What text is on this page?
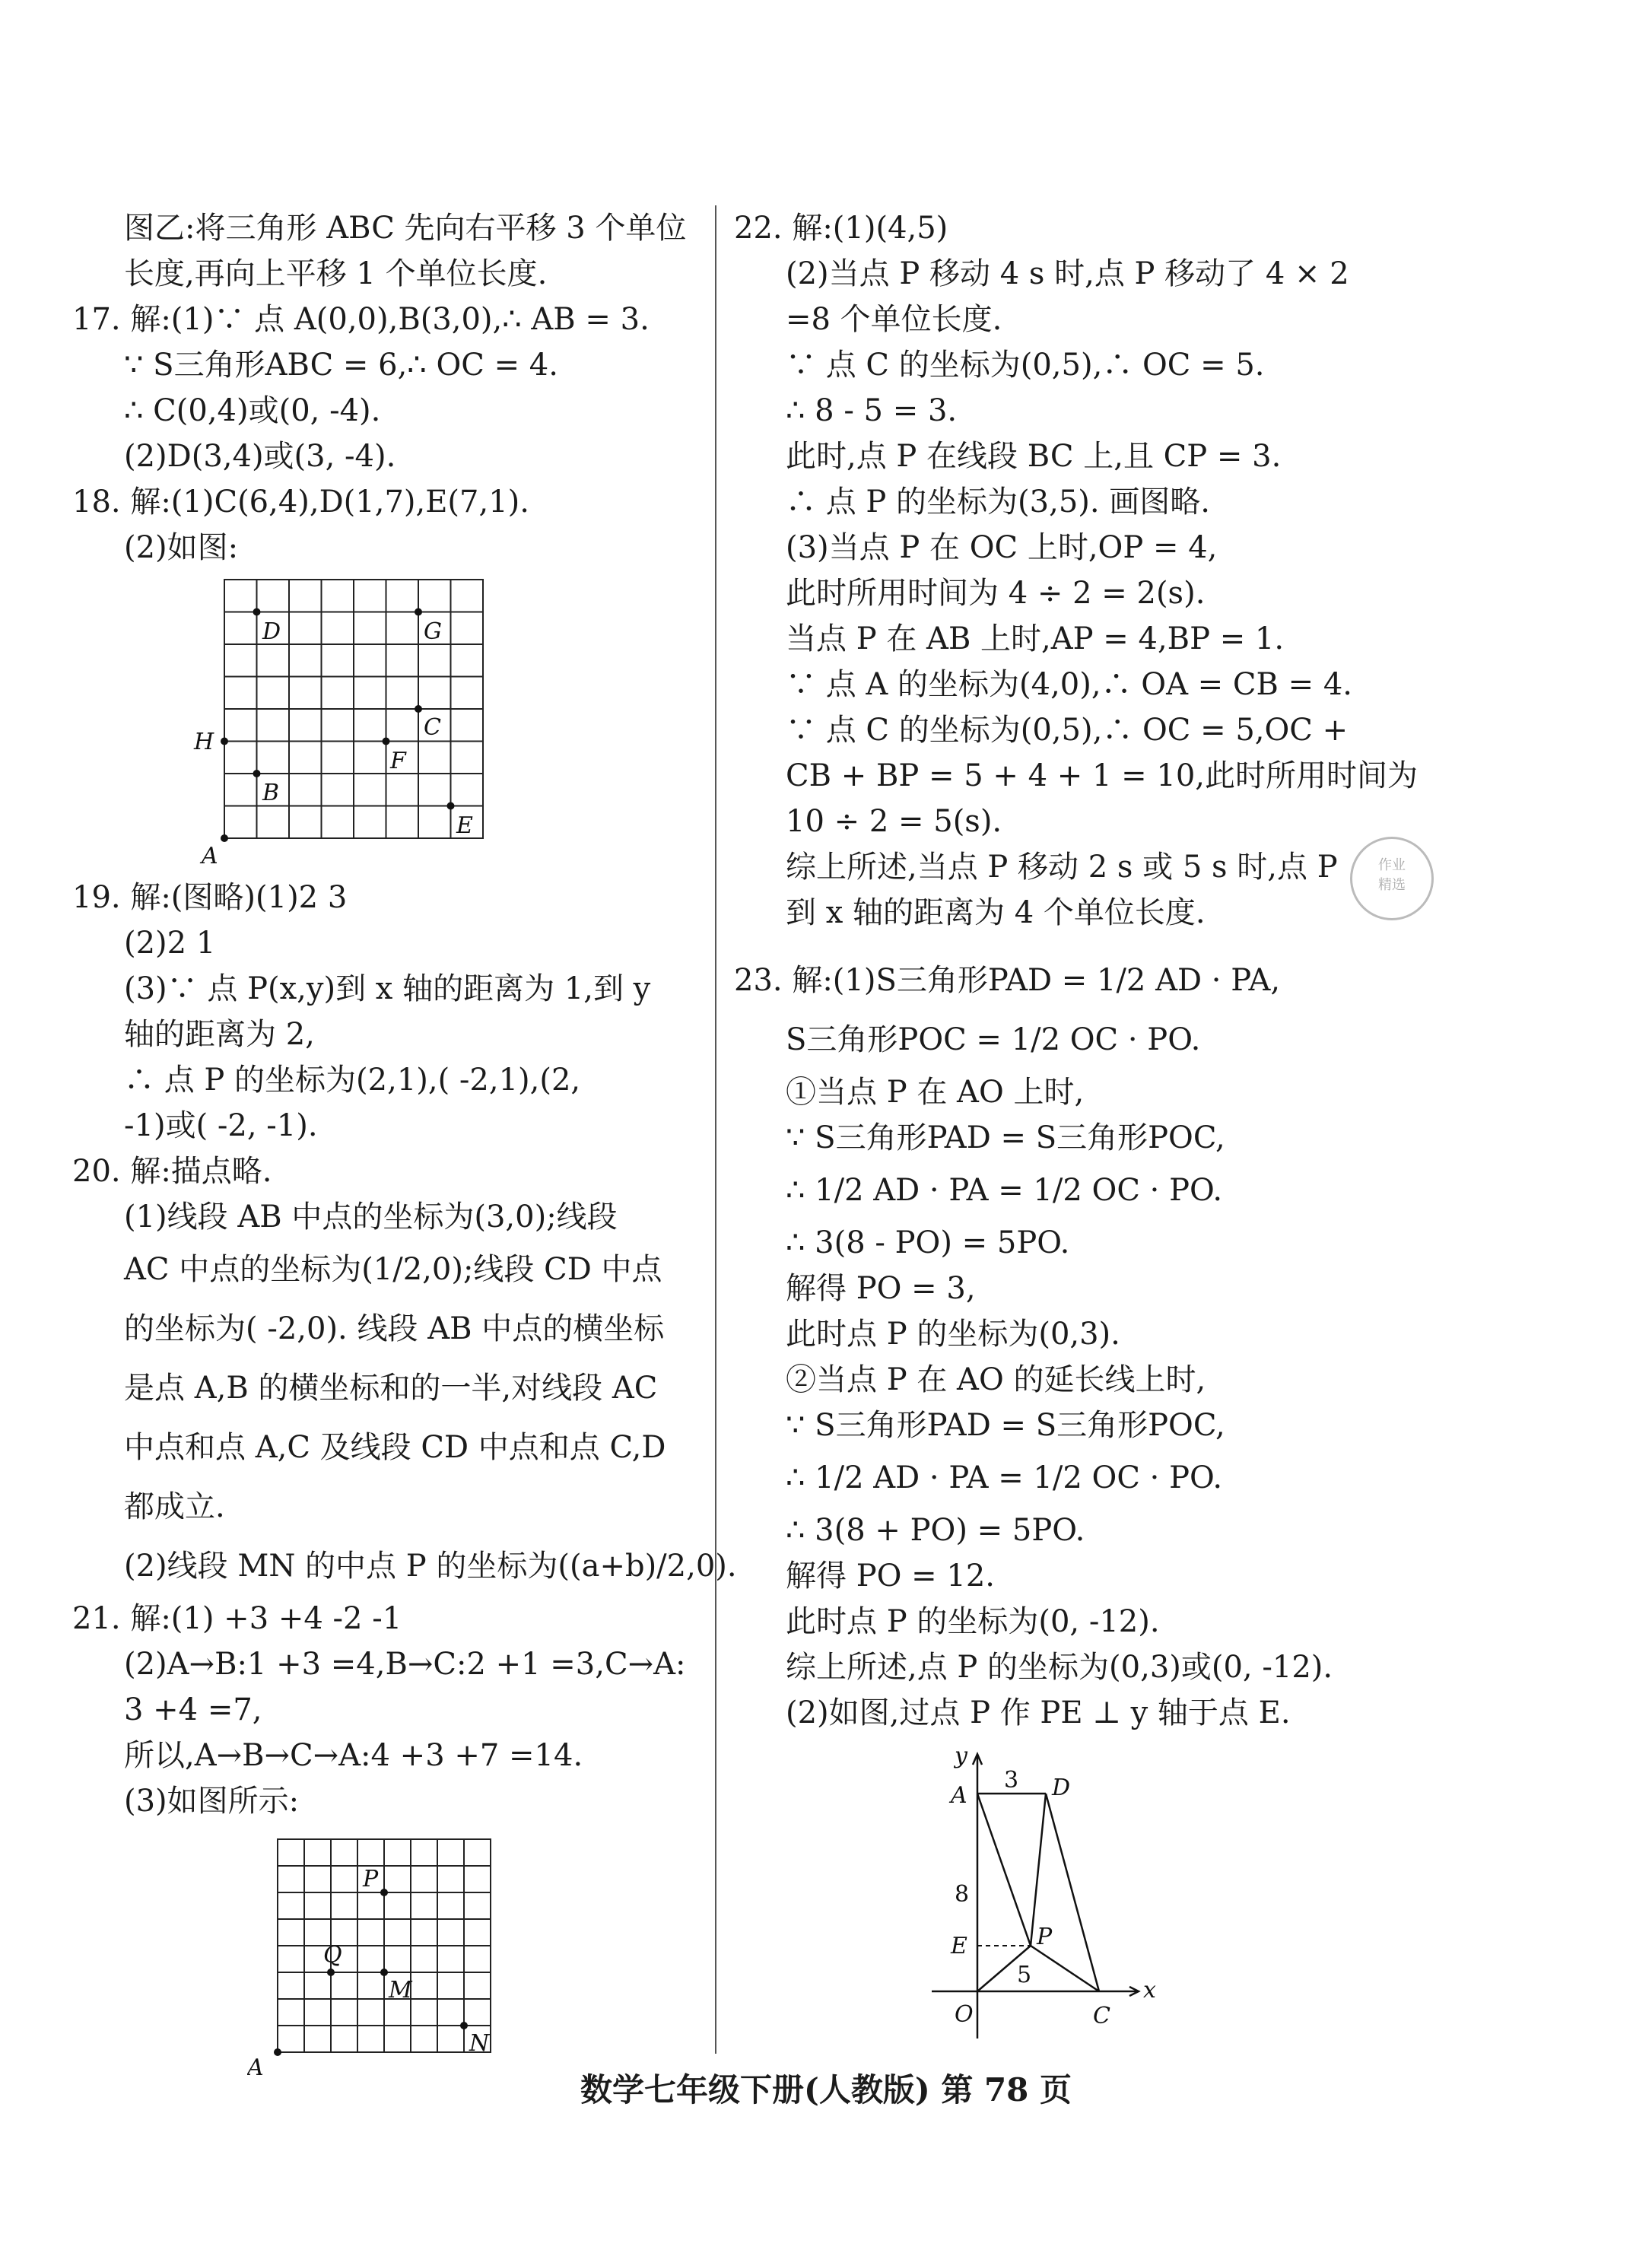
图乙:将三角形 ABC 先向右平移 3 个单位
长度,再向上平移 1 个单位长度.
17. 解:(1)∵ 点 A(0,0),B(3,0),∴ AB = 3.
∵ S三角形ABC = 6,∴ OC = 4.
∴ C(0,4)或(0, -4).
(2)D(3,4)或(3, -4).
18. 解:(1)C(6,4),D(1,7),E(7,1).
(2)如图:
D	G
C
F
H
B
E
A
19. 解:(图略)(1)2 3
(2)2 1
(3)∵ 点 P(x,y)到 x 轴的距离为 1,到 y
轴的距离为 2,
∴ 点 P 的坐标为(2,1),( -2,1),(2,
-1)或( -2, -1).
20. 解:描点略.
(1)线段 AB 中点的坐标为(3,0);线段
AC 中点的坐标为(1/2,0);线段 CD 中点
的坐标为( -2,0). 线段 AB 中点的横坐标
是点 A,B 的横坐标和的一半,对线段 AC
中点和点 A,C 及线段 CD 中点和点 C,D
都成立.
(2)线段 MN 的中点 P 的坐标为((a+b)/2,0).
21. 解:(1) +3 +4 -2 -1
(2)A→B:1 +3 =4,B→C:2 +1 =3,C→A:
3 +4 =7,
所以,A→B→C→A:4 +3 +7 =14.
(3)如图所示:
P
Q
M
N
A
22. 解:(1)(4,5)
(2)当点 P 移动 4 s 时,点 P 移动了 4 × 2
=8 个单位长度.
∵ 点 C 的坐标为(0,5),∴ OC = 5.
∴ 8 - 5 = 3.
此时,点 P 在线段 BC 上,且 CP = 3.
∴ 点 P 的坐标为(3,5). 画图略.
(3)当点 P 在 OC 上时,OP = 4,
此时所用时间为 4 ÷ 2 = 2(s).
当点 P 在 AB 上时,AP = 4,BP = 1.
∵ 点 A 的坐标为(4,0),∴ OA = CB = 4.
∵ 点 C 的坐标为(0,5),∴ OC = 5,OC +
CB + BP = 5 + 4 + 1 = 10,此时所用时间为
10 ÷ 2 = 5(s).
综上所述,当点 P 移动 2 s 或 5 s 时,点 P
到 x 轴的距离为 4 个单位长度.
23. 解:(1)S三角形PAD = 1/2 AD · PA,
S三角形POC = 1/2 OC · PO.
①当点 P 在 AO 上时,
∵ S三角形PAD = S三角形POC,
∴ 1/2 AD · PA = 1/2 OC · PO.
∴ 3(8 - PO) = 5PO.
解得 PO = 3,
此时点 P 的坐标为(0,3).
②当点 P 在 AO 的延长线上时,
∵ S三角形PAD = S三角形POC,
∴ 1/2 AD · PA = 1/2 OC · PO.
∴ 3(8 + PO) = 5PO.
解得 PO = 12.
此时点 P 的坐标为(0, -12).
综上所述,点 P 的坐标为(0,3)或(0, -12).
(2)如图,过点 P 作 PE ⊥ y 轴于点 E.
y
A
3 D
8
E	P
5
O	C
x
作业
精选
数学七年级下册(人教版) 第 78 页
